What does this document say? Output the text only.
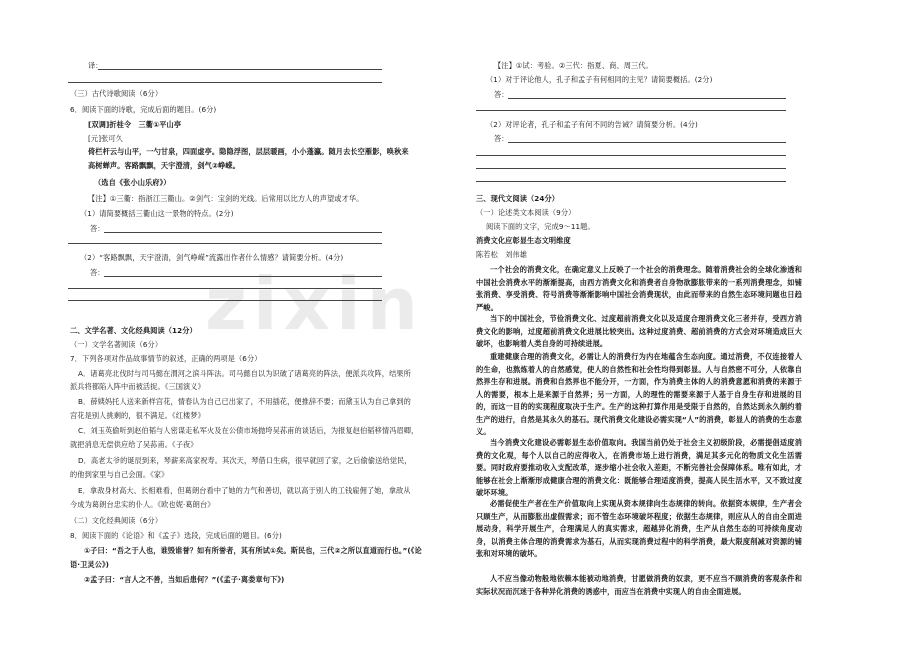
zixin
译：
（三）古代诗歌阅读（6分）
6．阅读下面的诗歌，完成后面的题目。(6分)
[双调]折桂令　三衢①平山亭
[元]张可久
倚栏杆云与山平，一勺甘泉，四面虚亭。隐隐浮图，层层暖画，小小蓬瀛。随月去长空雁影，唤秋来
高树蝉声。客路飘飘，天宇澄清，剑气②峥嵘。
（选自《张小山乐府》）
【注】①三衢：指浙江三衢山。②剑气：宝剑的光线。后常用以比方人的声望或才华。
（1）请简要概括三衢山这一景物的特点。(2分)
答：
（2）“客路飘飘，天宇澄清，剑气峥嵘”流露出作者什么情感？请简要分析。(4分)
答：
二、文学名著、文化经典阅读（12分）
（一）文学名著阅读（6分）
7．下列各项对作品故事情节的叙述，正确的两项是（6分）
A．诸葛亮北伐时与司马懿在渭河之滨斗阵法。司马懿自以为识破了诸葛亮的阵法，便派兵攻阵，结果所
派兵将都陷入阵中而被活捉。《三国演义》
B．薛姨妈托人送来新样宫花，情春认为自己已出家了，不用插花，便推辞不要；而黛玉认为自己拿到的
宫花是别人挑剩的，很不满足。《红楼梦》
C．刘玉英偷听到赵伯韬与人密谋走私军火及在公债市场抛垮吴荪甫的谈话后，为报复赵伯韬移情冯眉卿，
就把消息无偿供应给了吴荪甫。《子夜》
D．高老太爷的诞辰到来，琴薪来高家祝寿。其次天，琴借口生病，很早就回了家，之后偷偷送给觉民，
的他到家里与自己会面。《家》
E．拿敌身材高大、长相难看，但葛朗台看中了她的力气和善切，就以高于别人的工钱雇佣了她，拿敌从
今成为葛朗台忠实的仆人。《欧也妮·葛朗台》
（二）文化经典阅读（6分）
8．阅读下面的《论语》和《孟子》选段，完成后面的题目。(6分)
①子曰：“吾之于人也，谁毁谁誉？如有所誉者，其有所试①矣。斯民也，三代②之所以直道而行也。”(《论
语·卫灵公》)
②孟子曰：“言人之不善，当如后患何？”(《孟子·离娄章句下》)
【注】①试：考验。②三代：指夏、商、周三代。
（1）对于评论他人，孔子和孟子有何相同的主见？请简要概括。(2分)
答：
（2）对评论者，孔子和孟子有何不同的告诫？请简要分析。(4分)
答：
三、现代文阅读（24分）
（一）论述类文本阅读（9分）
阅读下面的文字，完成9～11题。
消费文化应彰显生态文明维度
陈若松　刘伟雄
一个社会的消费文化，在确定意义上反映了一个社会的消费理念。随着消费社会的全球化渗透和中国社会消费水平的渐渐提高，由西方消费文化和消费者自身物欲膨胀带来的一系列消费理念，如铺张消费、享受消费、符号消费等渐渐影响中国社会消费现状，由此而带来的自然生态环境问题也日趋严峻。
当下的中国社会，节俭消费文化、过度超前消费文化以及适度合理消费文化三者并存，受西方消费文化的影响，过度超前消费文化进展比较突出。这种过度消费、超前消费的方式会对环境造成巨大破坏，也影响着人类自身的可持续进展。
重建健康合理的消费文化，必需让人的消费行为内在地蕴含生态向度。通过消费，不仅连接着人的生命，也熬炼着人的自然感觉，使人的自然性和社会性均得到彰显。人与自然密不可分，人依靠自然界生存和进展。消费和自然界也不能分开，一方面，作为消费主体的人的消费意愿和消费的来源于人的需要，根本上是来源于自然界；另一方面，人的理性的需要来源于人基于自身生存和进展的目的，而这一目的的实现程度取决于生产。生产的这种打算作用是受限于自然的，自然达到永久制约着生产的进行，自然是其永久的基石。现代消费文化建设必需实现“人”的消费，彰显人的消费的生态意义。
当今消费文化建设必需彰显生态价值取向。我国当前仍处于社会主义初级阶段，必需提倡适度消费的文化观，每个人以自己的应得收入，在消费市场上进行消费，满足其多元化的物质文化生活需要。同时政府要推动收入支配改革，逐步缩小社会收入差距，不断完善社会保障体系。唯有如此，才能够在社会上渐渐形成健康合理的消费文化：既能够合理适度消费，提高人民生活水平，又不致过度破坏环境。
必需促使生产者在生产价值取向上实现从资本规律向生态规律的转向。依据资本规律，生产者会只顾生产，从而膨胀出虚假需求；而不管生态环境破坏程度；依据生态规律，则应从人的自由全面进展动身，科学开展生产，合理满足人的真实需求，超越异化消费，生产从自然生态的可持续角度动身，以消费主体合理的消费需求为基石，从而实现消费过程中的科学消费，最大限度削减对资源的铺张和对环境的破坏。
人不应当像动物般地依赖本能被动地消费，甘愿做消费的奴隶，更不应当不顾消费的客观条件和实际状况而沉迷于各种异化消费的诱惑中，而应当在消费中实现人的自由全面进展。
